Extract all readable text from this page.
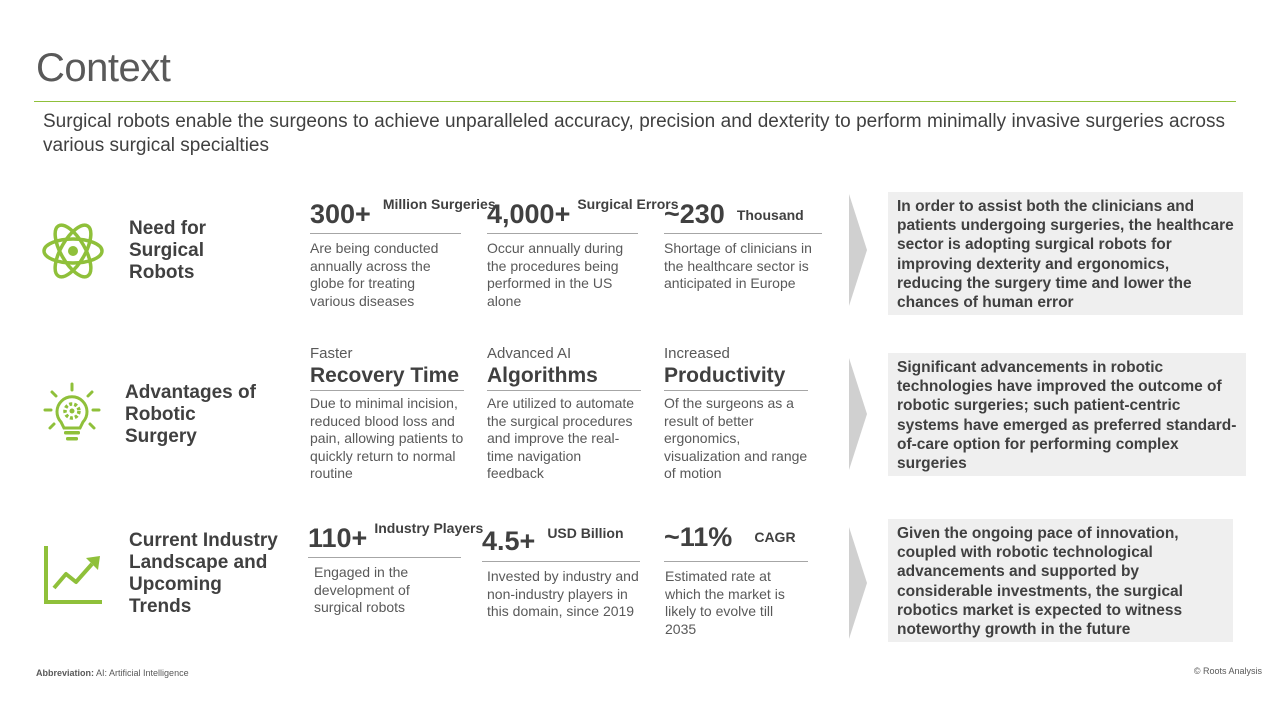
Context
Surgical robots enable the surgeons to achieve unparalleled accuracy, precision and dexterity to perform minimally invasive surgeries across various surgical specialties
Need for Surgical Robots
300+ Million Surgeries
Are being conducted annually across the globe for treating various diseases
4,000+ Surgical Errors
Occur annually during the procedures being performed in the US alone
~230 Thousand
Shortage of clinicians in the healthcare sector is anticipated in Europe
In order to assist both the clinicians and patients undergoing surgeries, the healthcare sector is adopting surgical robots for improving dexterity and ergonomics, reducing the surgery time and lower the chances of human error
Advantages of Robotic Surgery
Faster
Recovery Time
Due to minimal incision, reduced blood loss and pain, allowing patients to quickly return to normal routine
Advanced AI
Algorithms
Are utilized to automate the surgical procedures and improve the real-time navigation feedback
Increased
Productivity
Of the surgeons as a result of better ergonomics, visualization and range of motion
Significant advancements in robotic technologies have improved the outcome of robotic surgeries; such patient-centric systems have emerged as preferred standard-of-care option for performing complex surgeries
Current Industry Landscape and Upcoming Trends
110+ Industry Players
Engaged in the development of surgical robots
4.5+ USD Billion
Invested by industry and non-industry players in this domain, since 2019
~11% CAGR
Estimated rate at which the market is likely to evolve till 2035
Given the ongoing pace of innovation, coupled with robotic technological advancements and supported by considerable investments, the surgical robotics market is expected to witness noteworthy growth in the future
Abbreviation: AI: Artificial Intelligence	© Roots Analysis
